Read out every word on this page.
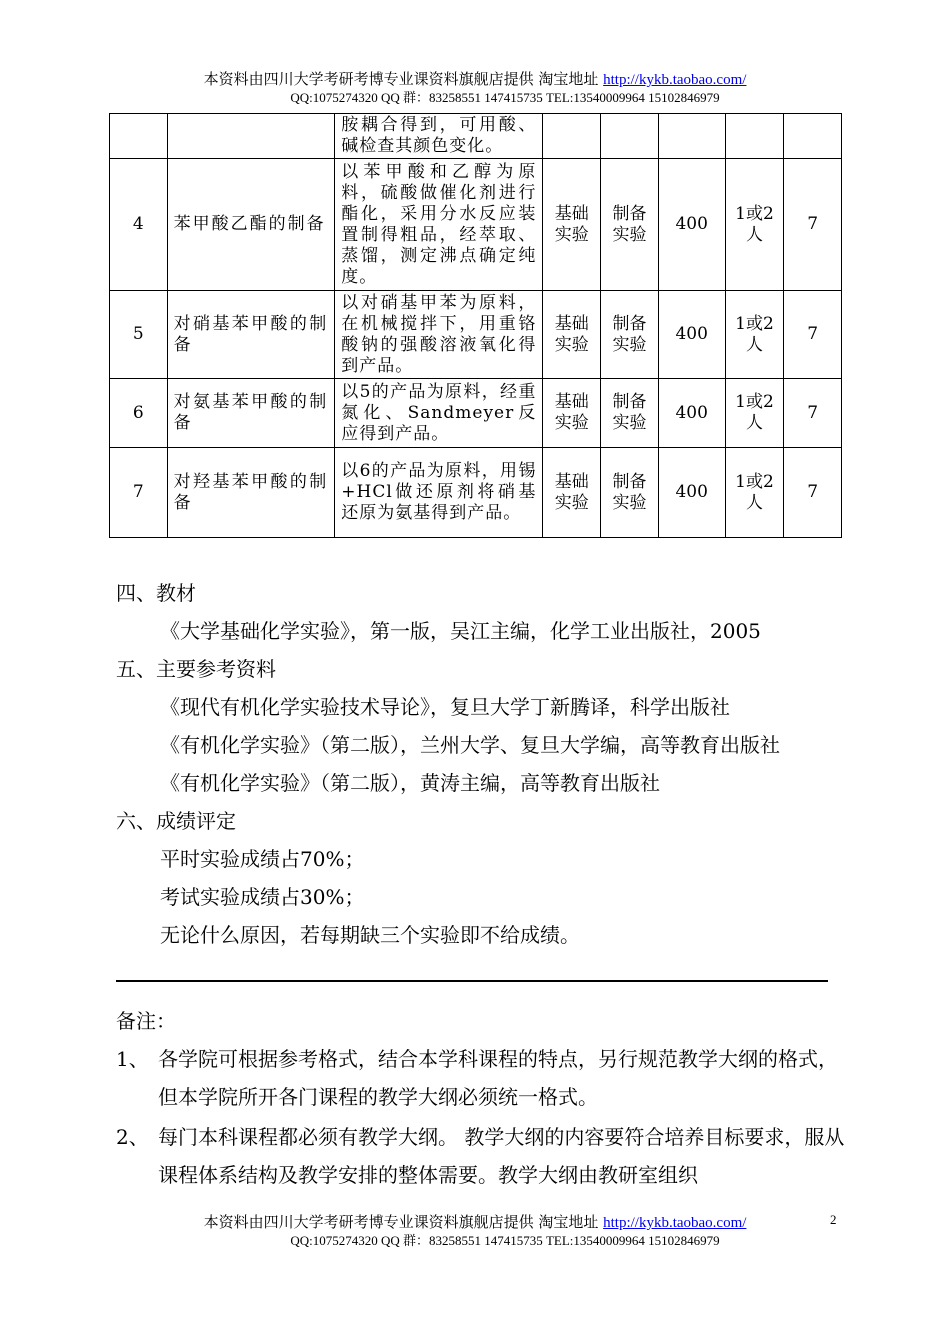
本资料由四川大学考研考博专业课资料旗舰店提供 淘宝地址 http://kykb.taobao.com/
QQ:1075274320 QQ 群：83258551 147415735 TEL:13540009964 15102846979
		胺耦合得到，可用酸、碱检查其颜色变化。					
4	苯甲酸乙酯的制备	以苯甲酸和乙醇为原料，硫酸做催化剂进行酯化，采用分水反应装置制得粗品，经萃取、蒸馏，测定沸点确定纯度。	基础实验	制备实验	400	1或2人	7
5	对硝基苯甲酸的制备	以对硝基甲苯为原料，在机械搅拌下，用重铬酸钠的强酸溶液氧化得到产品。	基础实验	制备实验	400	1或2人	7
6	对氨基苯甲酸的制备	以5的产品为原料，经重氮化、Sandmeyer反应得到产品。	基础实验	制备实验	400	1或2人	7
7	对羟基苯甲酸的制备	以6的产品为原料，用锡+HCl做还原剂将硝基还原为氨基得到产品。	基础实验	制备实验	400	1或2人	7
四、教材
《大学基础化学实验》，第一版，吴江主编，化学工业出版社，2005
五、主要参考资料
《现代有机化学实验技术导论》，复旦大学丁新腾译，科学出版社
《有机化学实验》（第二版），兰州大学、复旦大学编，高等教育出版社
《有机化学实验》（第二版），黄涛主编，高等教育出版社
六、成绩评定
平时实验成绩占70%；
考试实验成绩占30%；
无论什么原因，若每期缺三个实验即不给成绩。
备注：
1、 各学院可根据参考格式，结合本学科课程的特点，另行规范教学大纲的格式，但本学院所开各门课程的教学大纲必须统一格式。
2、 每门本科课程都必须有教学大纲。 教学大纲的内容要符合培养目标要求，服从课程体系结构及教学安排的整体需要。教学大纲由教研室组织
本资料由四川大学考研考博专业课资料旗舰店提供 淘宝地址 http://kykb.taobao.com/
QQ:1075274320 QQ 群：83258551 147415735 TEL:13540009964 15102846979
2
